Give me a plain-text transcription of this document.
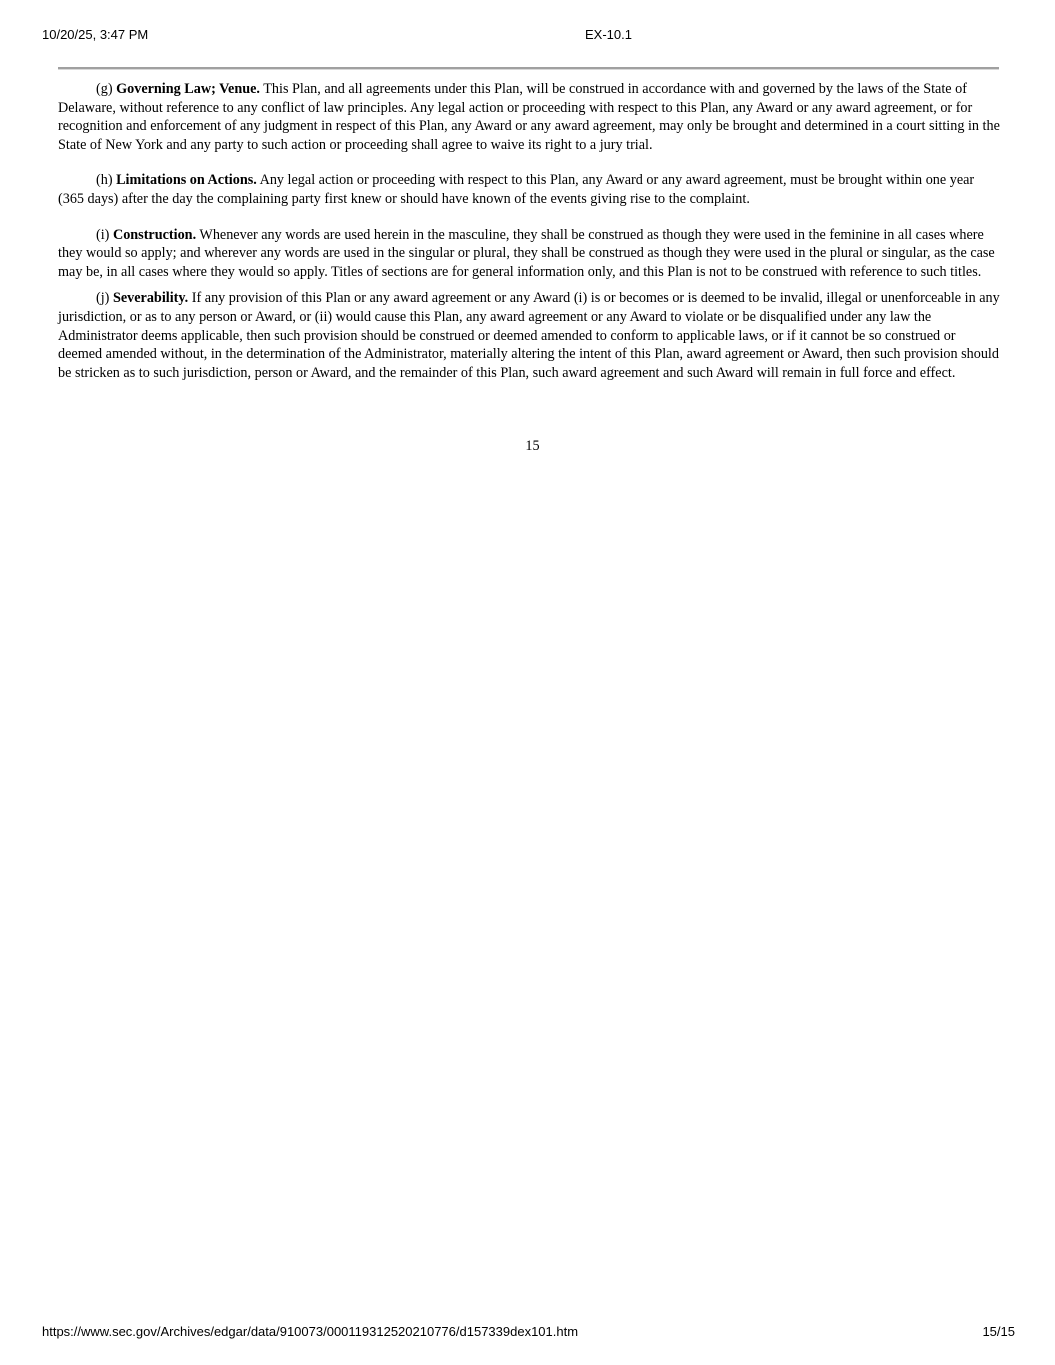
10/20/25, 3:47 PM	EX-10.1

(g) Governing Law; Venue. This Plan, and all agreements under this Plan, will be construed in accordance with and governed by the laws of the State of Delaware, without reference to any conflict of law principles. Any legal action or proceeding with respect to this Plan, any Award or any award agreement, or for recognition and enforcement of any judgment in respect of this Plan, any Award or any award agreement, may only be brought and determined in a court sitting in the State of New York and any party to such action or proceeding shall agree to waive its right to a jury trial.

(h) Limitations on Actions. Any legal action or proceeding with respect to this Plan, any Award or any award agreement, must be brought within one year (365 days) after the day the complaining party first knew or should have known of the events giving rise to the complaint.

(i) Construction. Whenever any words are used herein in the masculine, they shall be construed as though they were used in the feminine in all cases where they would so apply; and wherever any words are used in the singular or plural, they shall be construed as though they were used in the plural or singular, as the case may be, in all cases where they would so apply. Titles of sections are for general information only, and this Plan is not to be construed with reference to such titles.

(j) Severability. If any provision of this Plan or any award agreement or any Award (i) is or becomes or is deemed to be invalid, illegal or unenforceable in any jurisdiction, or as to any person or Award, or (ii) would cause this Plan, any award agreement or any Award to violate or be disqualified under any law the Administrator deems applicable, then such provision should be construed or deemed amended to conform to applicable laws, or if it cannot be so construed or deemed amended without, in the determination of the Administrator, materially altering the intent of this Plan, award agreement or Award, then such provision should be stricken as to such jurisdiction, person or Award, and the remainder of this Plan, such award agreement and such Award will remain in full force and effect.

15
https://www.sec.gov/Archives/edgar/data/910073/000119312520210776/d157339dex101.htm	15/15
